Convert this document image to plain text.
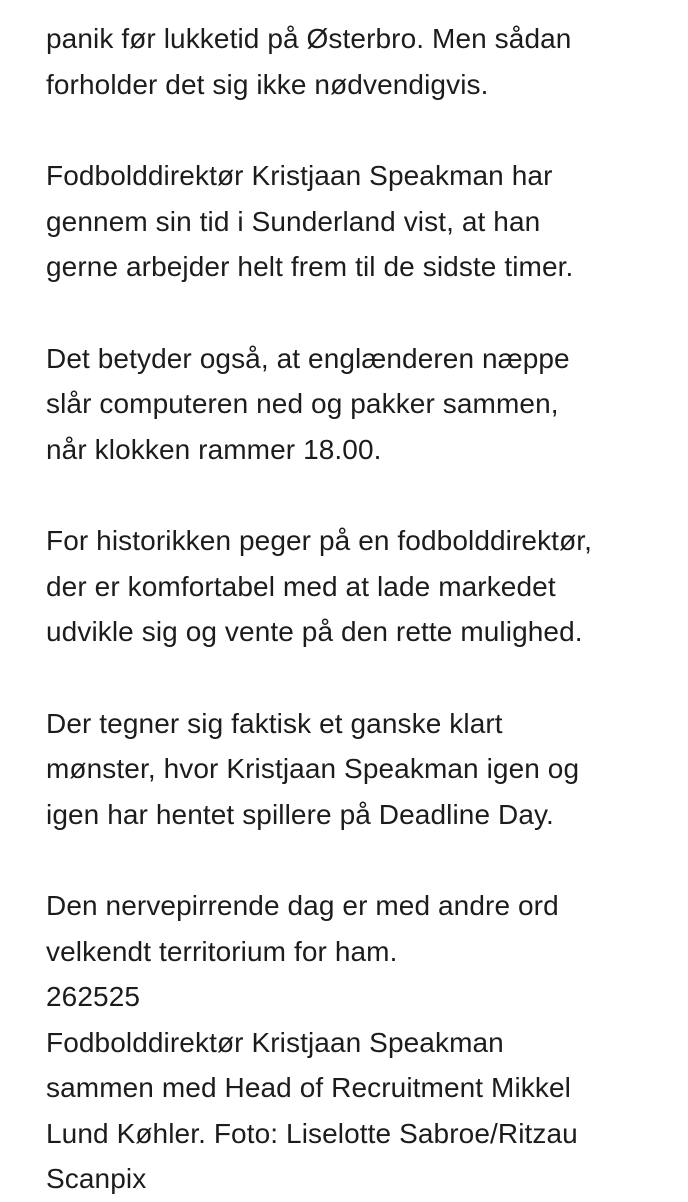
panik før lukketid på Østerbro. Men sådan
forholder det sig ikke nødvendigvis.

Fodbolddirektør Kristjaan Speakman har
gennem sin tid i Sunderland vist, at han
gerne arbejder helt frem til de sidste timer.

Det betyder også, at englænderen næppe
slår computeren ned og pakker sammen,
når klokken rammer 18.00.

For historikken peger på en fodbolddirektør,
der er komfortabel med at lade markedet
udvikle sig og vente på den rette mulighed.

Der tegner sig faktisk et ganske klart
mønster, hvor Kristjaan Speakman igen og
igen har hentet spillere på Deadline Day.

Den nervepirrende dag er med andre ord
velkendt territorium for ham.

262525
Fodbolddirektør Kristjaan Speakman
sammen med Head of Recruitment Mikkel
Lund Køhler. Foto: Liselotte Sabroe/Ritzau
Scanpix
